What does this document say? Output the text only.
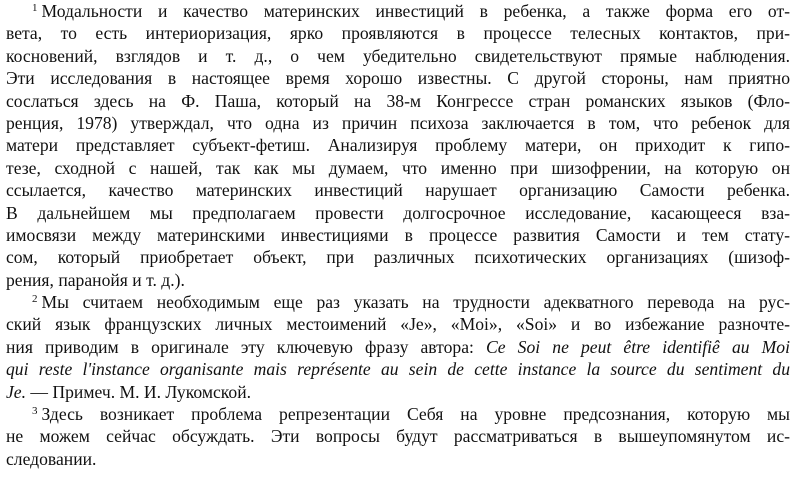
$^1$ Модальности и качество материнских инвестиций в ребенка, а также форма его от-
вета, то есть интериоризация, ярко проявляются в процессе телесных контактов, при-
косновений, взглядов и т. д., о чем убедительно свидетельствуют прямые наблюдения.
Эти исследования в настоящее время хорошо известны. С другой стороны, нам приятно
сослаться здесь на Ф. Паша, который на 38-м Конгрессе стран романских языков (Фло-
ренция, 1978) утверждал, что одна из причин психоза заключается в том, что ребенок для
матери представляет субъект-фетиш. Анализируя проблему матери, он приходит к гипо-
тезе, сходной с нашей, так как мы думаем, что именно при шизофрении, на которую он
ссылается, качество материнских инвестиций нарушает организацию Самости ребенка.
В дальнейшем мы предполагаем провести долгосрочное исследование, касающееся вза-
имосвязи между материнскими инвестициями в процессе развития Самости и тем стату-
сом, который приобретает объект, при различных психотических организациях (шизоф-
рения, паранойя и т. д.).
$^2$ Мы считаем необходимым еще раз указать на трудности адекватного перевода на рус-
ский язык французских личных местоимений «Je», «Moi», «Soi» и во избежание разночте-
ния приводим в оригинале эту ключевую фразу автора: Ce Soi ne peut être identifiê au Moi
qui reste l'instance organisante mais représente au sein de cette instance la source du sentiment du
Je. — Примеч. М. И. Лукомской.
$^3$ Здесь возникает проблема репрезентации Себя на уровне предсознания, которую мы
не можем сейчас обсуждать. Эти вопросы будут рассматриваться в вышеупомянутом ис-
следовании.
